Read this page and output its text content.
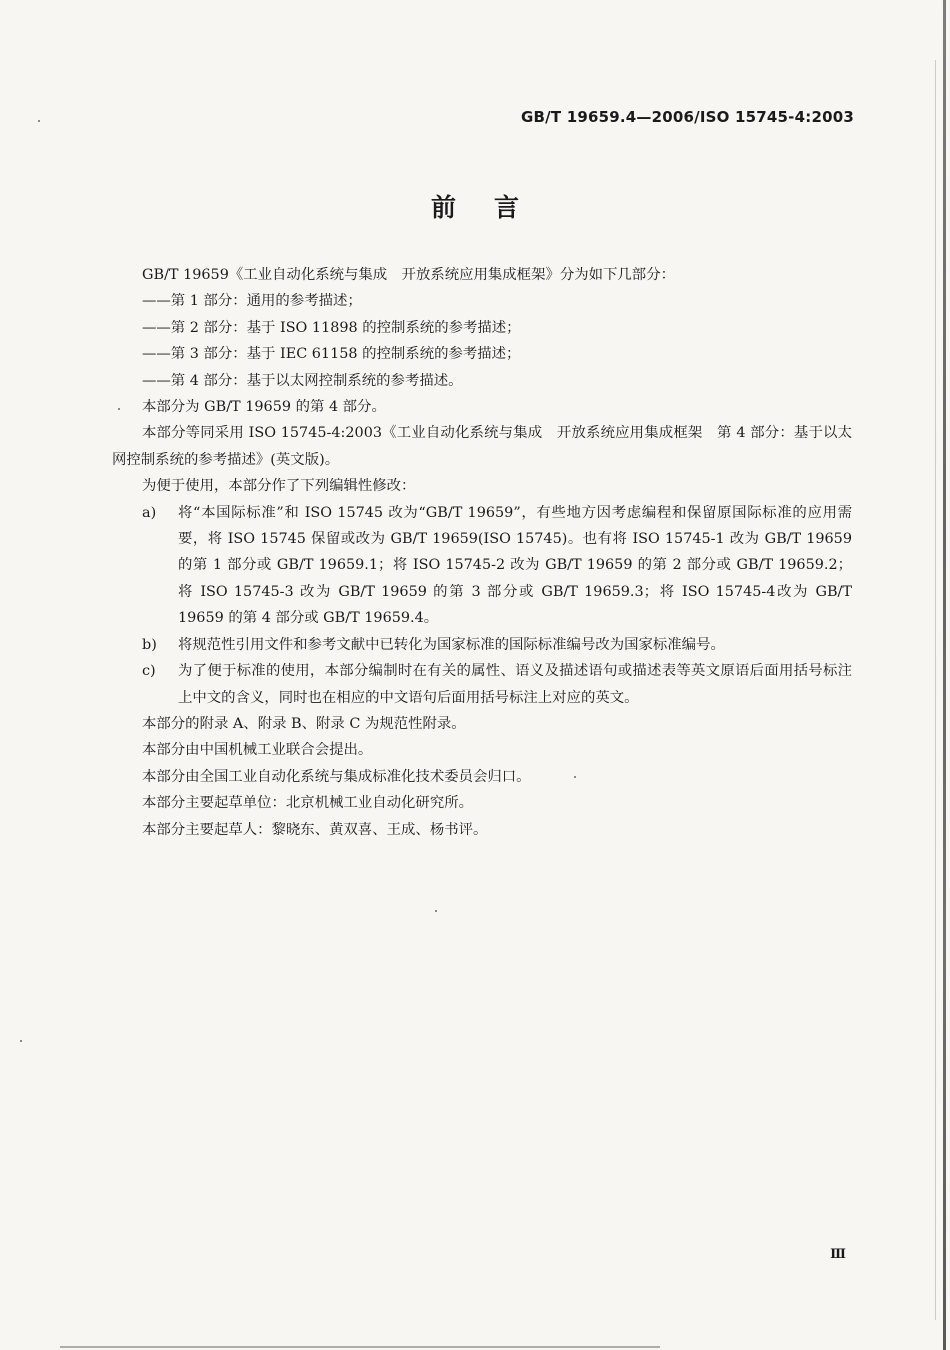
GB/T 19659.4—2006/ISO 15745-4:2003
前言

GB/T 19659《工业自动化系统与集成　开放系统应用集成框架》分为如下几部分：

——第 1 部分：通用的参考描述；

——第 2 部分：基于 ISO 11898 的控制系统的参考描述；

——第 3 部分：基于 IEC 61158 的控制系统的参考描述；

——第 4 部分：基于以太网控制系统的参考描述。

本部分为 GB/T 19659 的第 4 部分。

本部分等同采用 ISO 15745-4:2003《工业自动化系统与集成　开放系统应用集成框架　第 4 部分：基于以太网控制系统的参考描述》(英文版)。

为便于使用，本部分作了下列编辑性修改：

a)	将“本国际标准”和 ISO 15745 改为“GB/T 19659”，有些地方因考虑编程和保留原国际标准的应用需要，将 ISO 15745 保留或改为 GB/T 19659(ISO 15745)。也有将 ISO 15745-1 改为 GB/T 19659 的第 1 部分或 GB/T 19659.1；将 ISO 15745-2 改为 GB/T 19659 的第 2 部分或 GB/T 19659.2；将 ISO 15745-3 改为 GB/T 19659 的第 3 部分或 GB/T 19659.3；将 ISO 15745-4改为 GB/T 19659 的第 4 部分或 GB/T 19659.4。
b)	将规范性引用文件和参考文献中已转化为国家标准的国际标准编号改为国家标准编号。
c)	为了便于标准的使用，本部分编制时在有关的属性、语义及描述语句或描述表等英文原语后面用括号标注上中文的含义，同时也在相应的中文语句后面用括号标注上对应的英文。

本部分的附录 A、附录 B、附录 C 为规范性附录。

本部分由中国机械工业联合会提出。

本部分由全国工业自动化系统与集成标准化技术委员会归口。

本部分主要起草单位：北京机械工业自动化研究所。

本部分主要起草人：黎晓东、黄双喜、王成、杨书评。

Ⅲ
